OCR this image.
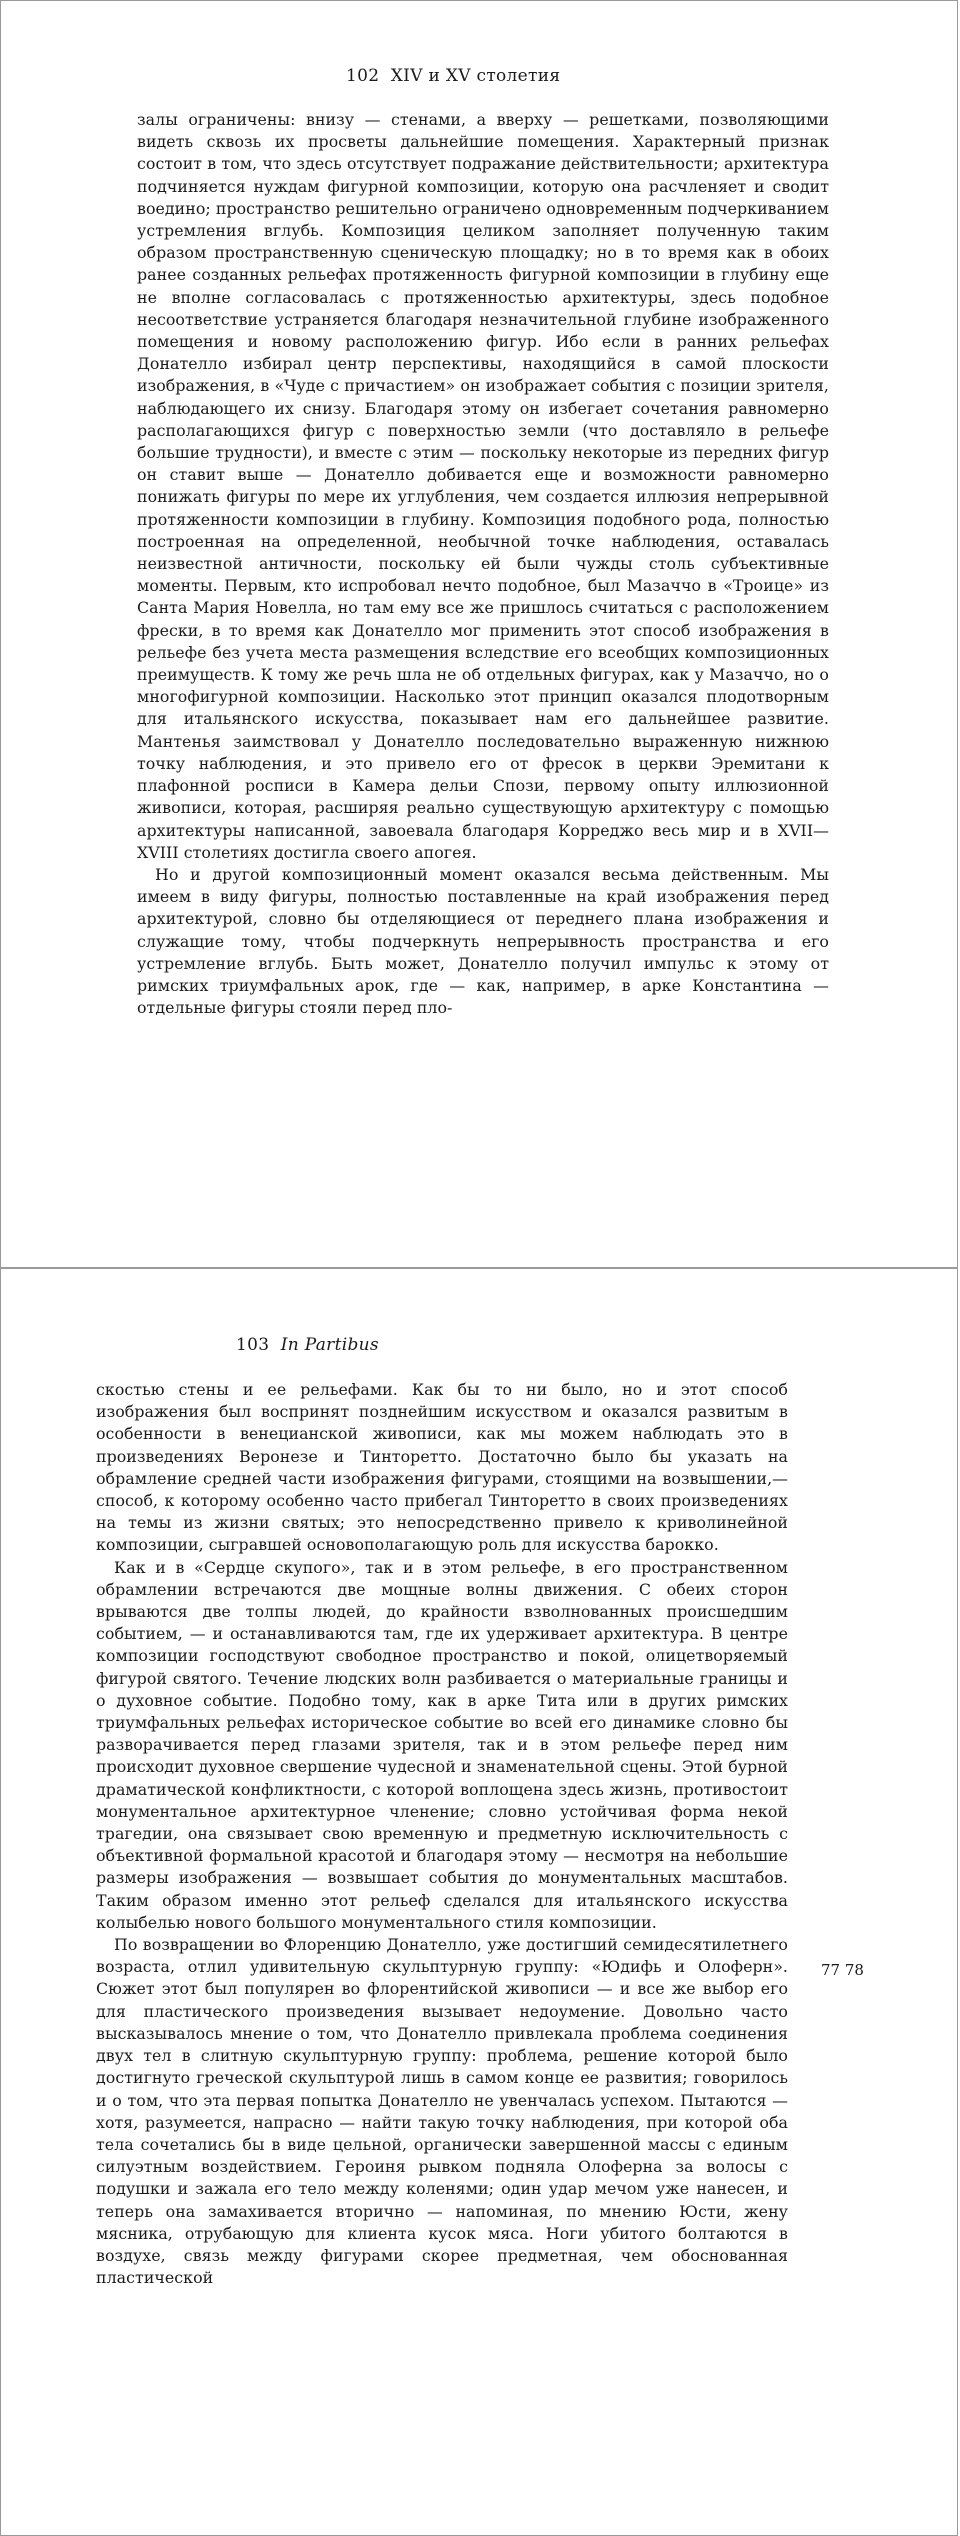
102 XIV и XV столетия

залы ограничены: внизу — стенами, а вверху — решетками, позволяющими видеть сквозь их просветы дальнейшие помещения. Характерный признак состоит в том, что здесь отсутствует подражание действительности; архитектура подчиняется нуждам фигурной композиции, которую она расчленяет и сводит воедино; пространство решительно ограничено одновременным подчеркиванием устремления вглубь. Композиция целиком заполняет полученную таким образом пространственную сценическую площадку; но в то время как в обоих ранее созданных рельефах протяженность фигурной композиции в глубину еще не вполне согласовалась с протяженностью архитектуры, здесь подобное несоответствие устраняется благодаря незначительной глубине изображенного помещения и новому расположению фигур. Ибо если в ранних рельефах Донателло избирал центр перспективы, находящийся в самой плоскости изображения, в «Чуде с причастием» он изображает события с позиции зрителя, наблюдающего их снизу. Благодаря этому он избегает сочетания равномерно располагающихся фигур с поверхностью земли (что доставляло в рельефе большие трудности), и вместе с этим — поскольку некоторые из передних фигур он ставит выше — Донателло добивается еще и возможности равномерно понижать фигуры по мере их углубления, чем создается иллюзия непрерывной протяженности композиции в глубину. Композиция подобного рода, полностью построенная на определенной, необычной точке наблюдения, оставалась неизвестной античности, поскольку ей были чужды столь субъективные моменты. Первым, кто испробовал нечто подобное, был Мазаччо в «Троице» из Санта Мария Новелла, но там ему все же пришлось считаться с расположением фрески, в то время как Донателло мог применить этот способ изображения в рельефе без учета места размещения вследствие его всеобщих композиционных преимуществ. К тому же речь шла не об отдельных фигурах, как у Мазаччо, но о многофигурной композиции. Насколько этот принцип оказался плодотворным для итальянского искусства, показывает нам его дальнейшее развитие. Мантенья заимствовал у Донателло последовательно выраженную нижнюю точку наблюдения, и это привело его от фресок в церкви Эремитани к плафонной росписи в Камера дельи Спози, первому опыту иллюзионной живописи, которая, расширяя реально существующую архитектуру с помощью архитектуры написанной, завоевала благодаря Корреджо весь мир и в XVII—XVIII столетиях достигла своего апогея.

Но и другой композиционный момент оказался весьма действенным. Мы имеем в виду фигуры, полностью поставленные на край изображения перед архитектурой, словно бы отделяющиеся от переднего плана изображения и служащие тому, чтобы подчеркнуть непрерывность пространства и его устремление вглубь. Быть может, Донателло получил импульс к этому от римских триумфальных арок, где — как, например, в арке Константина — отдельные фигуры стояли перед пло-

103 In Partibus

скостью стены и ее рельефами. Как бы то ни было, но и этот способ изображения был воспринят позднейшим искусством и оказался развитым в особенности в венецианской живописи, как мы можем наблюдать это в произведениях Веронезе и Тинторетто. Достаточно было бы указать на обрамление средней части изображения фигурами, стоящими на возвышении,— способ, к которому особенно часто прибегал Тинторетто в своих произведениях на темы из жизни святых; это непосредственно привело к криволинейной композиции, сыгравшей основополагающую роль для искусства барокко.

Как и в «Сердце скупого», так и в этом рельефе, в его пространственном обрамлении встречаются две мощные волны движения. С обеих сторон врываются две толпы людей, до крайности взволнованных происшедшим событием, — и останавливаются там, где их удерживает архитектура. В центре композиции господствуют свободное пространство и покой, олицетворяемый фигурой святого. Течение людских волн разбивается о материальные границы и о духовное событие. Подобно тому, как в арке Тита или в других римских триумфальных рельефах историческое событие во всей его динамике словно бы разворачивается перед глазами зрителя, так и в этом рельефе перед ним происходит духовное свершение чудесной и знаменательной сцены. Этой бурной драматической конфликтности, с которой воплощена здесь жизнь, противостоит монументальное архитектурное членение; словно устойчивая форма некой трагедии, она связывает свою временную и предметную исключительность с объективной формальной красотой и благодаря этому — несмотря на небольшие размеры изображения — возвышает события до монументальных масштабов. Таким образом именно этот рельеф сделался для итальянского искусства колыбелью нового большого монументального стиля композиции.

По возвращении во Флоренцию Донателло, уже достигший семидесятилетнего возраста, отлил удивительную скульптурную группу: «Юдифь и Олоферн». Сюжет этот был популярен во флорентийской живописи — и все же выбор его для пластического произведения вызывает недоумение. Довольно часто высказывалось мнение о том, что Донателло привлекала проблема соединения двух тел в слитную скульптурную группу: проблема, решение которой было достигнуто греческой скульптурой лишь в самом конце ее развития; говорилось и о том, что эта первая попытка Донателло не увенчалась успехом. Пытаются — хотя, разумеется, напрасно — найти такую точку наблюдения, при которой оба тела сочетались бы в виде цельной, органически завершенной массы с единым силуэтным воздействием. Героиня рывком подняла Олоферна за волосы с подушки и зажала его тело между коленями; один удар мечом уже нанесен, и теперь она замахивается вторично — напоминая, по мнению Юсти, жену мясника, отрубающую для клиента кусок мяса. Ноги убитого болтаются в воздухе, связь между фигурами скорее предметная, чем обоснованная пластической

77 78
